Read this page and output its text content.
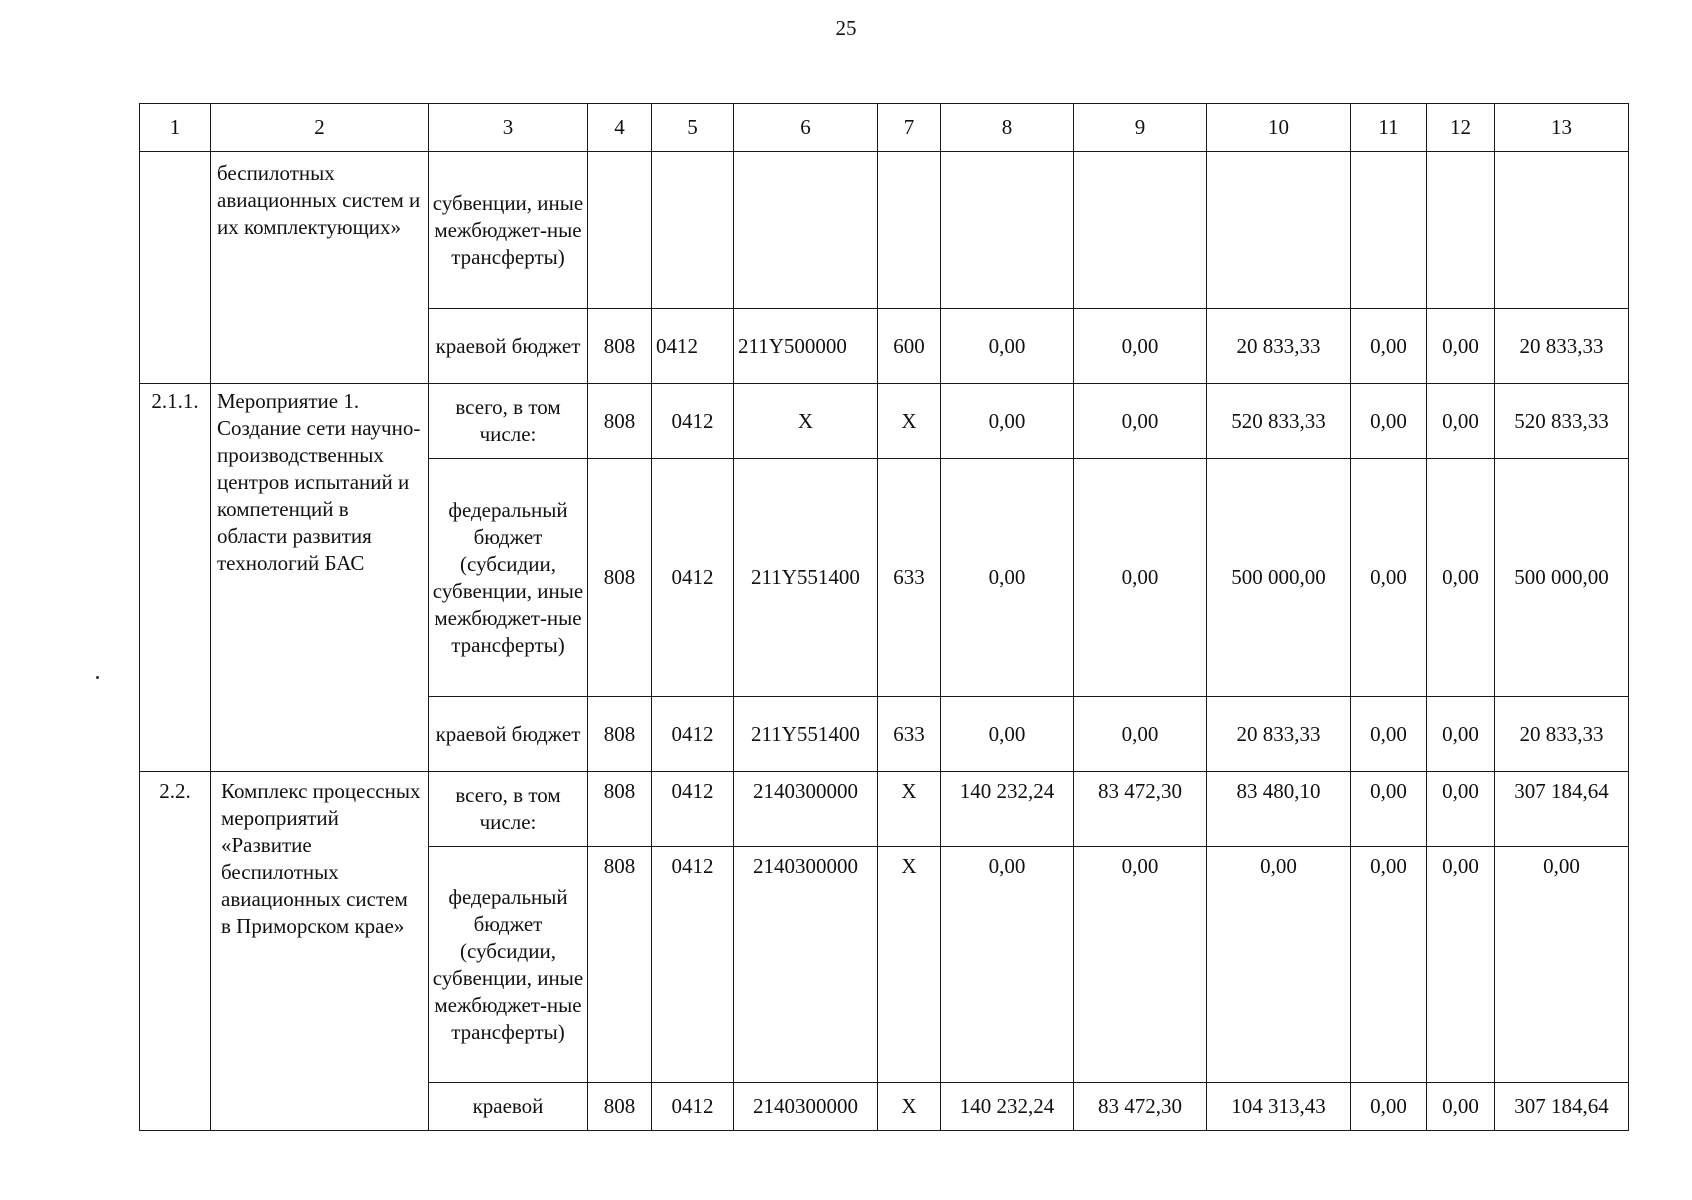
25
1	2	3	4	5	6	7	8	9	10	11	12	13
	беспилотных авиационных систем и их комплектующих»	субвенции, иные межбюджет-ные трансферты)										
		краевой бюджет	808	0412	211Y500000	600	0,00	0,00	20 833,33	0,00	0,00	20 833,33
2.1.1.	Мероприятие 1. Создание сети научно-производственных центров испытаний и компетенций в области развития технологий БАС	всего, в том числе:	808	0412	X	X	0,00	0,00	520 833,33	0,00	0,00	520 833,33
		федеральный бюджет (субсидии, субвенции, иные межбюджет-ные трансферты)	808	0412	211Y551400	633	0,00	0,00	500 000,00	0,00	0,00	500 000,00
		краевой бюджет	808	0412	211Y551400	633	0,00	0,00	20 833,33	0,00	0,00	20 833,33
2.2.	Комплекс процессных мероприятий «Развитие беспилотных авиационных систем в Приморском крае»	всего, в том числе:	808	0412	2140300000	X	140 232,24	83 472,30	83 480,10	0,00	0,00	307 184,64
		федеральный бюджет (субсидии, субвенции, иные межбюджет-ные трансферты)	808	0412	2140300000	X	0,00	0,00	0,00	0,00	0,00	0,00
		краевой	808	0412	2140300000	X	140 232,24	83 472,30	104 313,43	0,00	0,00	307 184,64
